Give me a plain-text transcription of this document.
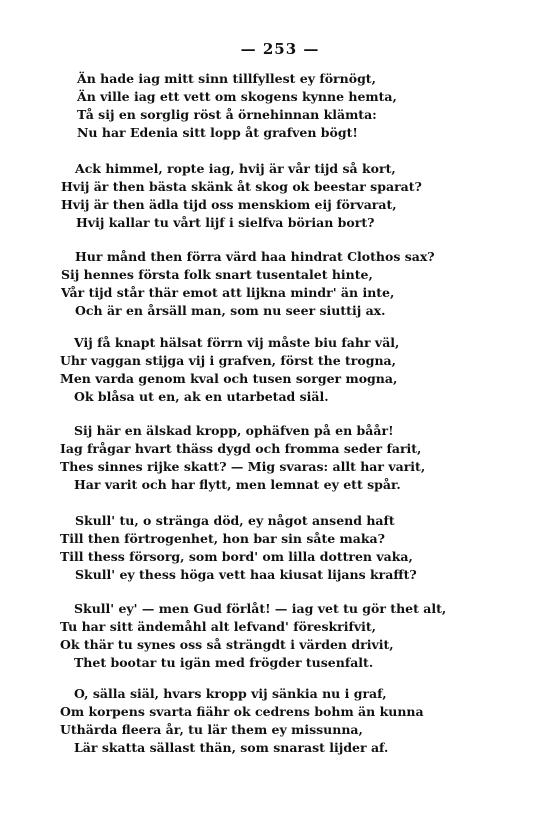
— 253 —
Än hade iag mitt sinn tillfyllest ey förnögt,
Än ville iag ett vett om skogens kynne hemta,
Tå sij en sorglig röst å örnehinnan klämta:
Nu har Edenia sitt lopp åt grafven bögt!
Ack himmel, ropte iag, hvij är vår tijd så kort,
Hvij är then bästa skänk åt skog ok beestar sparat?
Hvij är then ädla tijd oss menskiom eij förvarat,
Hvij kallar tu vårt lijf i sielfva börian bort?
Hur månd then förra värd haa hindrat Clothos sax?
Sij hennes första folk snart tusentalet hinte,
Vår tijd står thär emot att lijkna mindr' än inte,
Och är en årsäll man, som nu seer siuttij ax.
Vij få knapt hälsat förrn vij måste biu fahr väl,
Uhr vaggan stijga vij i grafven, först the trogna,
Men varda genom kval och tusen sorger mogna,
Ok blåsa ut en, ak en utarbetad siäl.
Sij här en älskad kropp, ophäfven på en båår!
Iag frågar hvart thäss dygd och fromma seder farit,
Thes sinnes rijke skatt? — Mig svaras: allt har varit,
Har varit och har flytt, men lemnat ey ett spår.
Skull' tu, o stränga död, ey något ansend haft
Till then förtrogenhet, hon bar sin såte maka?
Till thess försorg, som bord' om lilla dottren vaka,
Skull' ey thess höga vett haa kiusat lijans krafft?
Skull' ey' — men Gud förlåt! — iag vet tu gör thet alt,
Tu har sitt ändemåhl alt lefvand' föreskrifvit,
Ok thär tu synes oss så strängdt i värden drivit,
Thet bootar tu igän med frögder tusenfalt.
O, sälla siäl, hvars kropp vij sänkia nu i graf,
Om korpens svarta fiähr ok cedrens bohm än kunna
Uthärda fleera år, tu lär them ey missunna,
Lär skatta sällast thän, som snarast lijder af.
